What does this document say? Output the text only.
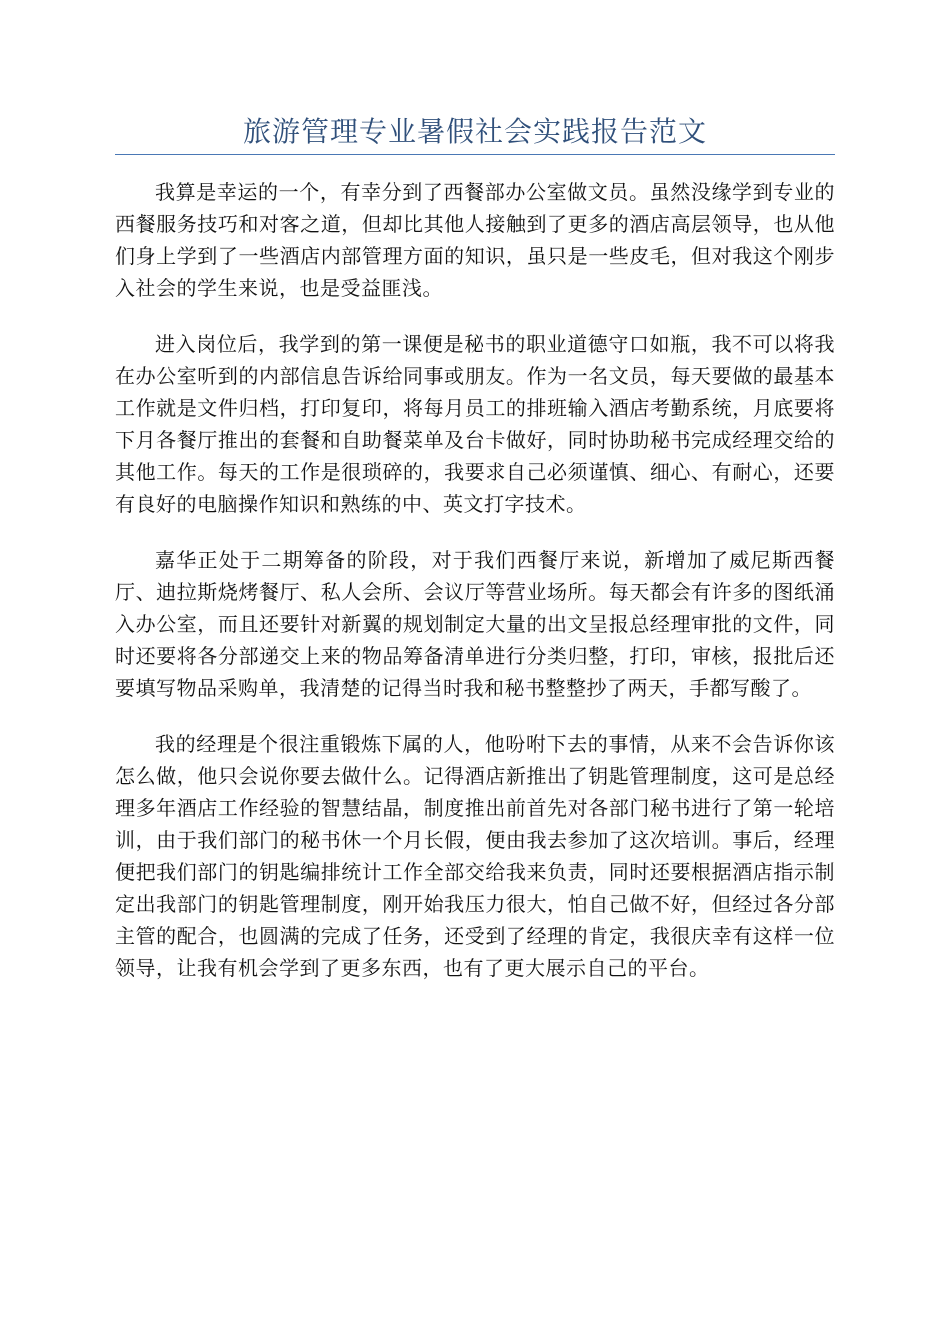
旅游管理专业暑假社会实践报告范文

我算是幸运的一个，有幸分到了西餐部办公室做文员。虽然没缘学到专业的西餐服务技巧和对客之道，但却比其他人接触到了更多的酒店高层领导，也从他们身上学到了一些酒店内部管理方面的知识，虽只是一些皮毛，但对我这个刚步入社会的学生来说，也是受益匪浅。

进入岗位后，我学到的第一课便是秘书的职业道德守口如瓶，我不可以将我在办公室听到的内部信息告诉给同事或朋友。作为一名文员，每天要做的最基本工作就是文件归档，打印复印，将每月员工的排班输入酒店考勤系统，月底要将下月各餐厅推出的套餐和自助餐菜单及台卡做好，同时协助秘书完成经理交给的其他工作。每天的工作是很琐碎的，我要求自己必须谨慎、细心、有耐心，还要有良好的电脑操作知识和熟练的中、英文打字技术。

嘉华正处于二期筹备的阶段，对于我们西餐厅来说，新增加了威尼斯西餐厅、迪拉斯烧烤餐厅、私人会所、会议厅等营业场所。每天都会有许多的图纸涌入办公室，而且还要针对新翼的规划制定大量的出文呈报总经理审批的文件，同时还要将各分部递交上来的物品筹备清单进行分类归整，打印，审核，报批后还要填写物品采购单，我清楚的记得当时我和秘书整整抄了两天，手都写酸了。

我的经理是个很注重锻炼下属的人，他吩咐下去的事情，从来不会告诉你该怎么做，他只会说你要去做什么。记得酒店新推出了钥匙管理制度，这可是总经理多年酒店工作经验的智慧结晶，制度推出前首先对各部门秘书进行了第一轮培训，由于我们部门的秘书休一个月长假，便由我去参加了这次培训。事后，经理便把我们部门的钥匙编排统计工作全部交给我来负责，同时还要根据酒店指示制定出我部门的钥匙管理制度，刚开始我压力很大，怕自己做不好，但经过各分部主管的配合，也圆满的完成了任务，还受到了经理的肯定，我很庆幸有这样一位领导，让我有机会学到了更多东西，也有了更大展示自己的平台。
